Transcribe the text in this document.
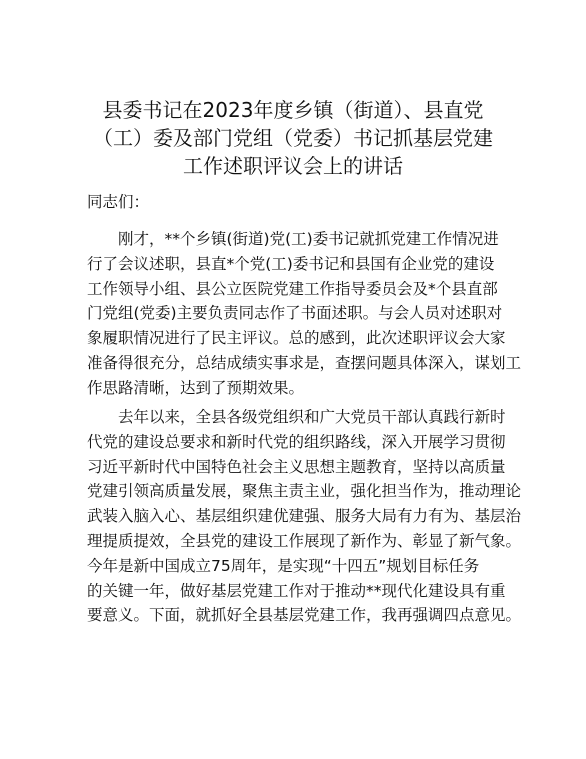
县委书记在2023年度乡镇（街道）、县直党
（工）委及部门党组（党委）书记抓基层党建
工作述职评议会上的讲话

同志们：

刚才，**个乡镇(街道)党(工)委书记就抓党建工作情况进
行了会议述职，县直*个党(工)委书记和县国有企业党的建设
工作领导小组、县公立医院党建工作指导委员会及*个县直部
门党组(党委)主要负责同志作了书面述职。与会人员对述职对
象履职情况进行了民主评议。总的感到，此次述职评议会大家
准备得很充分，总结成绩实事求是，查摆问题具体深入，谋划工
作思路清晰，达到了预期效果。

去年以来，全县各级党组织和广大党员干部认真践行新时
代党的建设总要求和新时代党的组织路线，深入开展学习贯彻
习近平新时代中国特色社会主义思想主题教育，坚持以高质量
党建引领高质量发展，聚焦主责主业，强化担当作为，推动理论
武装入脑入心、基层组织建优建强、服务大局有力有为、基层治
理提质提效，全县党的建设工作展现了新作为、彰显了新气象。
今年是新中国成立75周年，是实现“十四五”规划目标任务
的关键一年，做好基层党建工作对于推动**现代化建设具有重
要意义。下面，就抓好全县基层党建工作，我再强调四点意见。
